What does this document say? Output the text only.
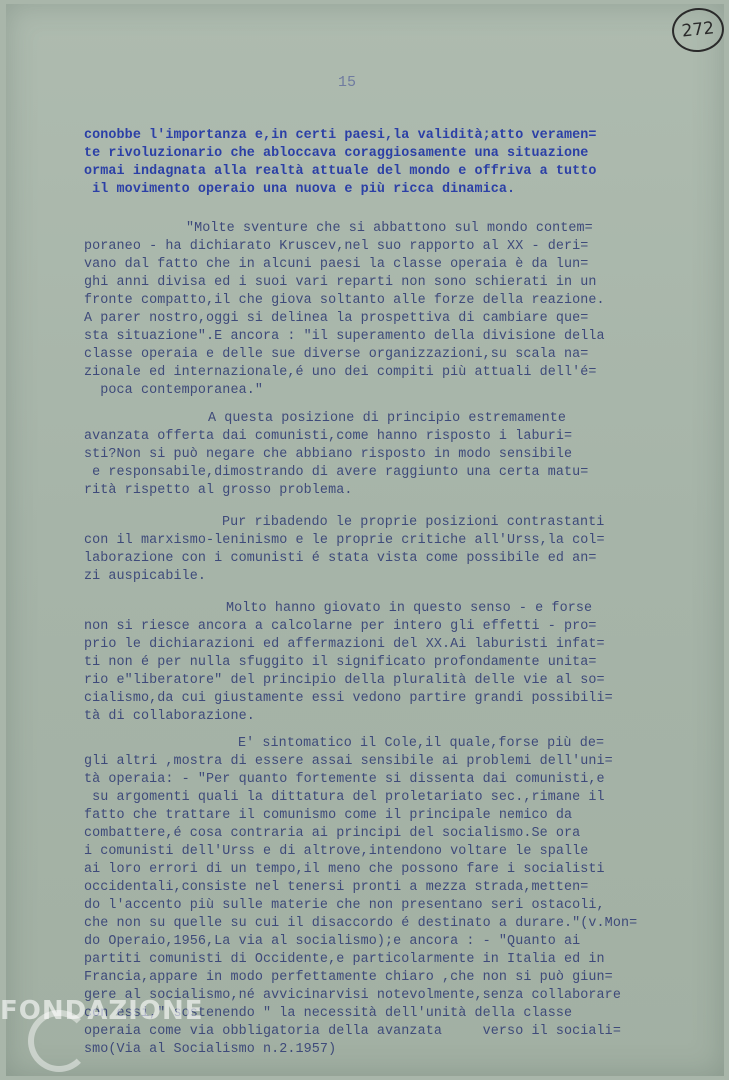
272
15
conobbe l'importanza e,in certi paesi,la validità;atto veramen=
te rivoluzionario che abloccava coraggiosamente una situazione
ormai indagnata alla realtà attuale del mondo e offriva a tutto
il movimento operaio una nuova e più ricca dinamica.
"Molte sventure che si abbattono sul mondo contem=
poraneo - ha dichiarato Kruscev,nel suo rapporto al XX - deri=
vano dal fatto che in alcuni paesi la classe operaia è da lun=
ghi anni divisa ed i suoi vari reparti non sono schierati in un
fronte compatto,il che giova soltanto alle forze della reazione.
A parer nostro,oggi si delinea la prospettiva di cambiare que=
sta situazione".E ancora : "il superamento della divisione della
classe operaia e delle sue diverse organizzazioni,su scala na=
zionale ed internazionale,é uno dei compiti più attuali dell'é=
poca contemporanea."
A questa posizione di principio estremamente
avanzata offerta dai comunisti,come hanno risposto i laburi=
sti?Non si può negare che abbiano risposto in modo sensibile
e responsabile,dimostrando di avere raggiunto una certa matu=
rità rispetto al grosso problema.
Pur ribadendo le proprie posizioni contrastanti
con il marxismo-leninismo e le proprie critiche all'Urss,la col=
laborazione con i comunisti é stata vista come possibile ed an=
zi auspicabile.
Molto hanno giovato in questo senso - e forse
non si riesce ancora a calcolarne per intero gli effetti - pro=
prio le dichiarazioni ed affermazioni del XX.Ai laburisti infat=
ti non é per nulla sfuggito il significato profondamente unita=
rio e"liberatore" del principio della pluralità delle vie al so=
cialismo,da cui giustamente essi vedono partire grandi possibili=
tà di collaborazione.
E' sintomatico il Cole,il quale,forse più de=
gli altri ,mostra di essere assai sensibile ai problemi dell'uni=
tà operaia: - "Per quanto fortemente si dissenta dai comunisti,e
su argomenti quali la dittatura del proletariato sec.,rimane il
fatto che trattare il comunismo come il principale nemico da
combattere,é cosa contraria ai principi del socialismo.Se ora
i comunisti dell'Urss e di altrove,intendono voltare le spalle
ai loro errori di un tempo,il meno che possono fare i socialisti
occidentali,consiste nel tenersi pronti a mezza strada,metten=
do l'accento più sulle materie che non presentano seri ostacoli,
che non su quelle su cui il disaccordo é destinato a durare."(v.Mon=
do Operaio,1956,La via al socialismo);e ancora : - "Quanto ai
partiti comunisti di Occidente,e particolarmente in Italia ed in
Francia,appare in modo perfettamente chiaro ,che non si può giun=
gere al socialismo,né avvicinarvisi notevolmente,senza collaborare
con essi," sostenendo " la necessità dell'unità della classe
operaia come via obbligatoria della avanzata     verso il sociali=
smo(Via al Socialismo n.2.1957)
FONDAZIONE
